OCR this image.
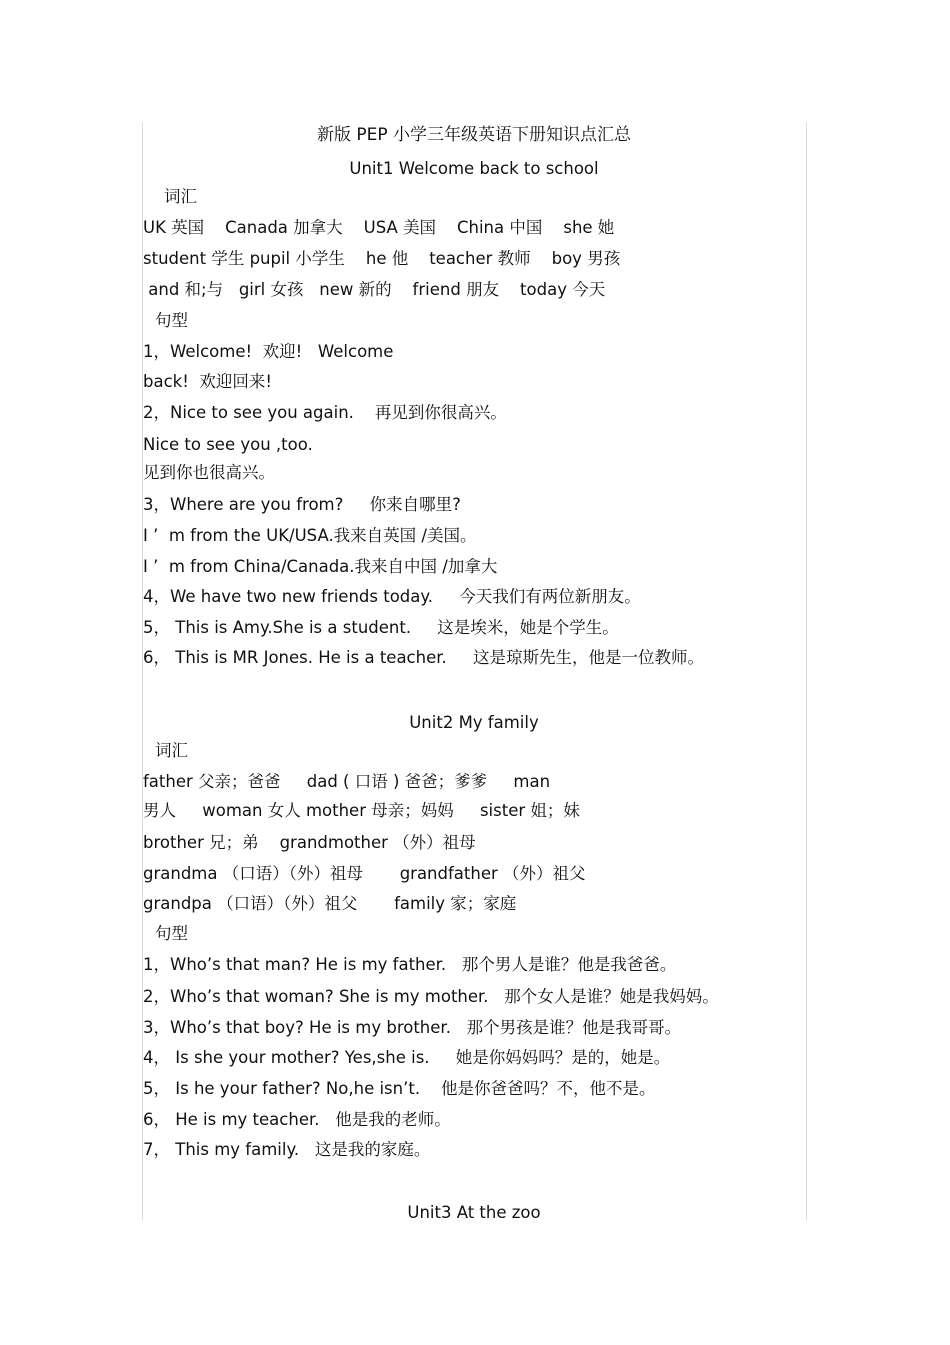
新版 PEP 小学三年级英语下册知识点汇总
Unit1 Welcome back to school
词汇
UK 英国    Canada 加拿大    USA 美国    China 中国    she 她
student 学生 pupil 小学生    he 他    teacher 教师    boy 男孩
and 和;与   girl 女孩   new 新的    friend 朋友    today 今天
句型
1，Welcome!  欢迎!   Welcome
back!  欢迎回来!
2，Nice to see you again.    再见到你很高兴。
Nice to see you ,too.
见到你也很高兴。
3，Where are you from?     你来自哪里?
I ’  m from the UK/USA.我来自英国 /美国。
I ’  m from China/Canada.我来自中国 /加拿大
4，We have two new friends today.     今天我们有两位新朋友。
5， This is Amy.She is a student.     这是埃米，她是个学生。
6， This is MR Jones. He is a teacher.     这是琼斯先生，他是一位教师。
Unit2 My family
词汇
father 父亲；爸爸     dad ( 口语 ) 爸爸；爹爹     man
男人     woman 女人 mother 母亲；妈妈     sister 姐；妹
brother 兄；弟    grandmother （外）祖母
grandma （口语）（外）祖母       grandfather （外）祖父
grandpa （口语）（外）祖父       family 家；家庭
句型
1，Who’s that man? He is my father.   那个男人是谁？他是我爸爸。
2，Who’s that woman? She is my mother.   那个女人是谁？她是我妈妈。
3，Who’s that boy? He is my brother.   那个男孩是谁？他是我哥哥。
4， Is she your mother? Yes,she is.     她是你妈妈吗？是的，她是。
5， Is he your father? No,he isn’t.    他是你爸爸吗？不，他不是。
6， He is my teacher.   他是我的老师。
7， This my family.   这是我的家庭。
Unit3 At the zoo
